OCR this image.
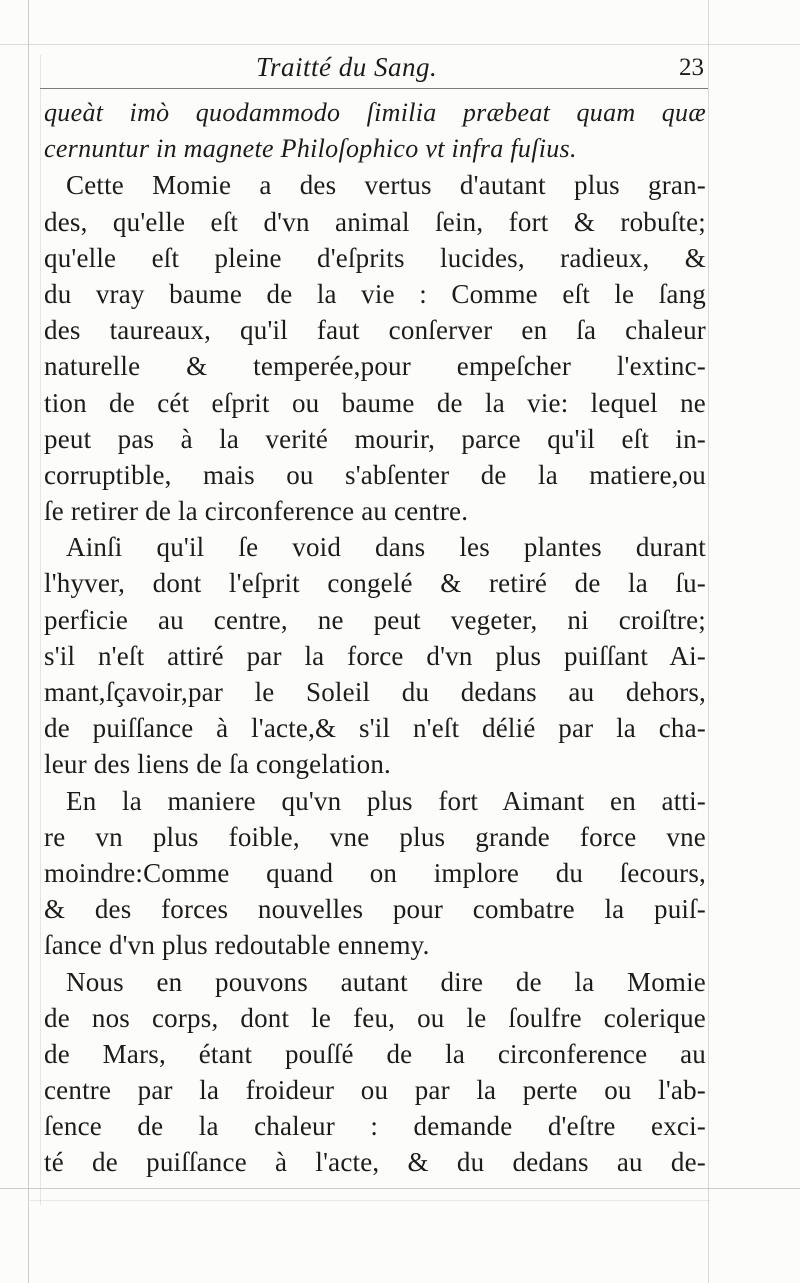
Traitté du Sang.	23
queàt imò quodammodo ſimilia præbeat quam quæ
cernuntur in magnete Philoſophico vt infra fuſius.
Cette Momie a des vertus d'autant plus gran-
des, qu'elle eſt d'vn animal ſein, fort & robuſte;
qu'elle eſt pleine d'eſprits lucides, radieux, &
du vray baume de la vie : Comme eſt le ſang
des taureaux, qu'il faut conſerver en ſa chaleur
naturelle & temperée,pour empeſcher l'extinc-
tion de cét eſprit ou baume de la vie: lequel ne
peut pas à la verité mourir, parce qu'il eſt in-
corruptible, mais ou s'abſenter de la matiere,ou
ſe retirer de la circonference au centre.
Ainſi qu'il ſe void dans les plantes durant
l'hyver, dont l'eſprit congelé & retiré de la ſu-
perficie au centre, ne peut vegeter, ni croiſtre;
s'il n'eſt attiré par la force d'vn plus puiſſant Ai-
mant,ſçavoir,par le Soleil du dedans au dehors,
de puiſſance à l'acte,& s'il n'eſt délié par la cha-
leur des liens de ſa congelation.
En la maniere qu'vn plus fort Aimant en atti-
re vn plus foible, vne plus grande force vne
moindre:Comme quand on implore du ſecours,
& des forces nouvelles pour combatre la puiſ-
ſance d'vn plus redoutable ennemy.
Nous en pouvons autant dire de la Momie
de nos corps, dont le feu, ou le ſoulfre colerique
de Mars, étant pouſſé de la circonference au
centre par la froideur ou par la perte ou l'ab-
ſence de la chaleur : demande d'eſtre exci-
té de puiſſance à l'acte, & du dedans au de-
